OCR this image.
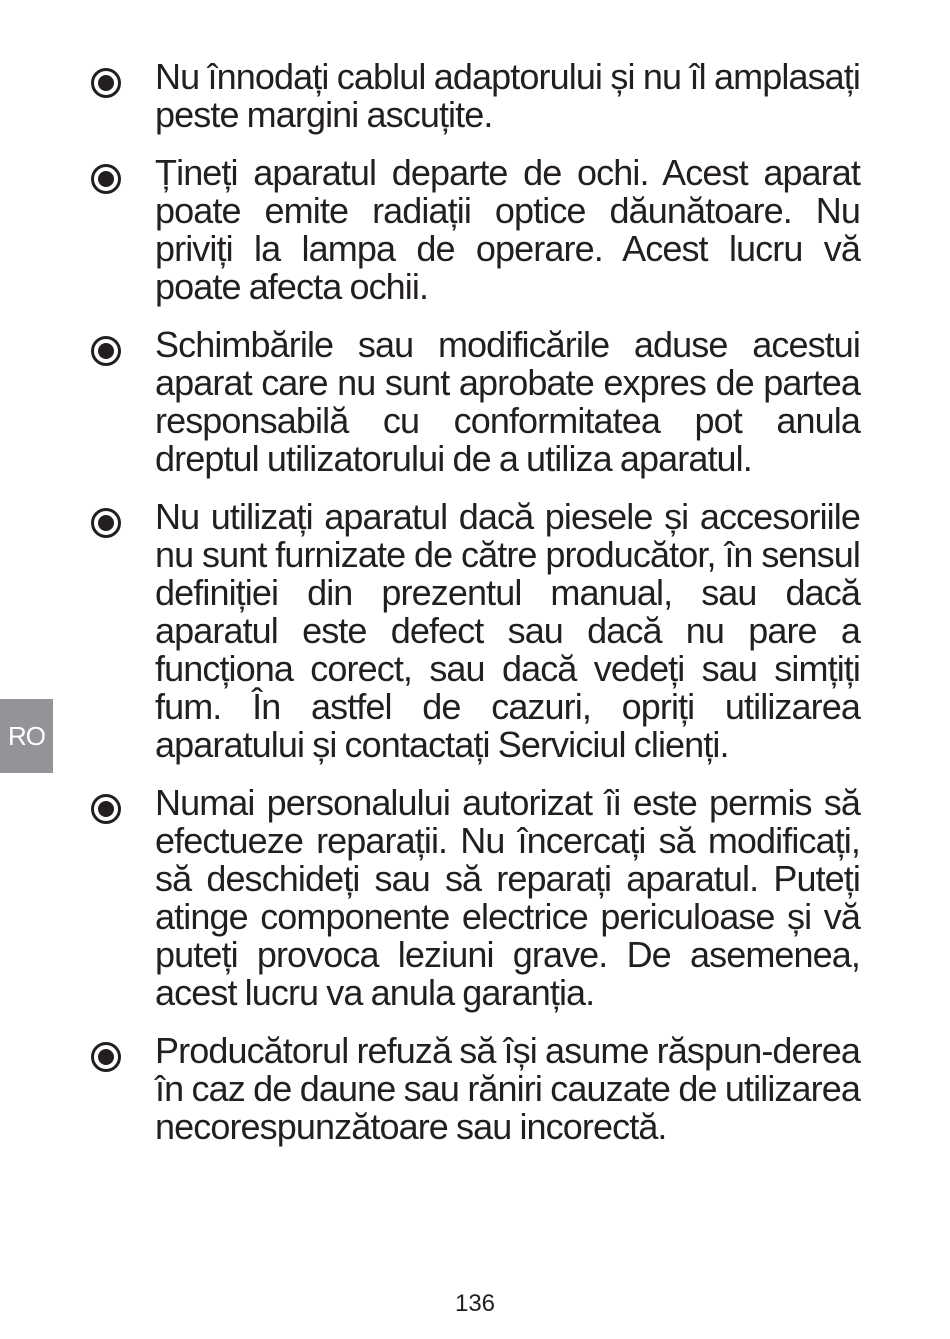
Nu înnodați cablul adaptorului și nu îl amplasați peste margini ascuțite.
Țineți aparatul departe de ochi. Acest aparat poate emite radiații optice dăunătoare. Nu priviți la lampa de operare. Acest lucru vă poate afecta ochii.
Schimbările sau modificările aduse acestui aparat care nu sunt aprobate expres de partea responsabilă cu conformitatea pot anula dreptul utilizatorului de a utiliza aparatul.
Nu utilizați aparatul dacă piesele și accesoriile nu sunt furnizate de către producător, în sensul definiției din prezentul manual, sau dacă aparatul este defect sau dacă nu pare a funcționa corect, sau dacă vedeți sau simțiți fum. În astfel de cazuri, opriți utilizarea aparatului și contactați Serviciul clienți.
Numai personalului autorizat îi este permis să efectueze reparații. Nu încercați să modificați, să deschideți sau să reparați aparatul. Puteți atinge componente electrice periculoase și vă puteți provoca leziuni grave. De asemenea, acest lucru va anula garanția.
Producătorul refuză să își asume răspun-derea în caz de daune sau răniri cauzate de utilizarea necorespunzătoare sau incorectă.
RO
136
